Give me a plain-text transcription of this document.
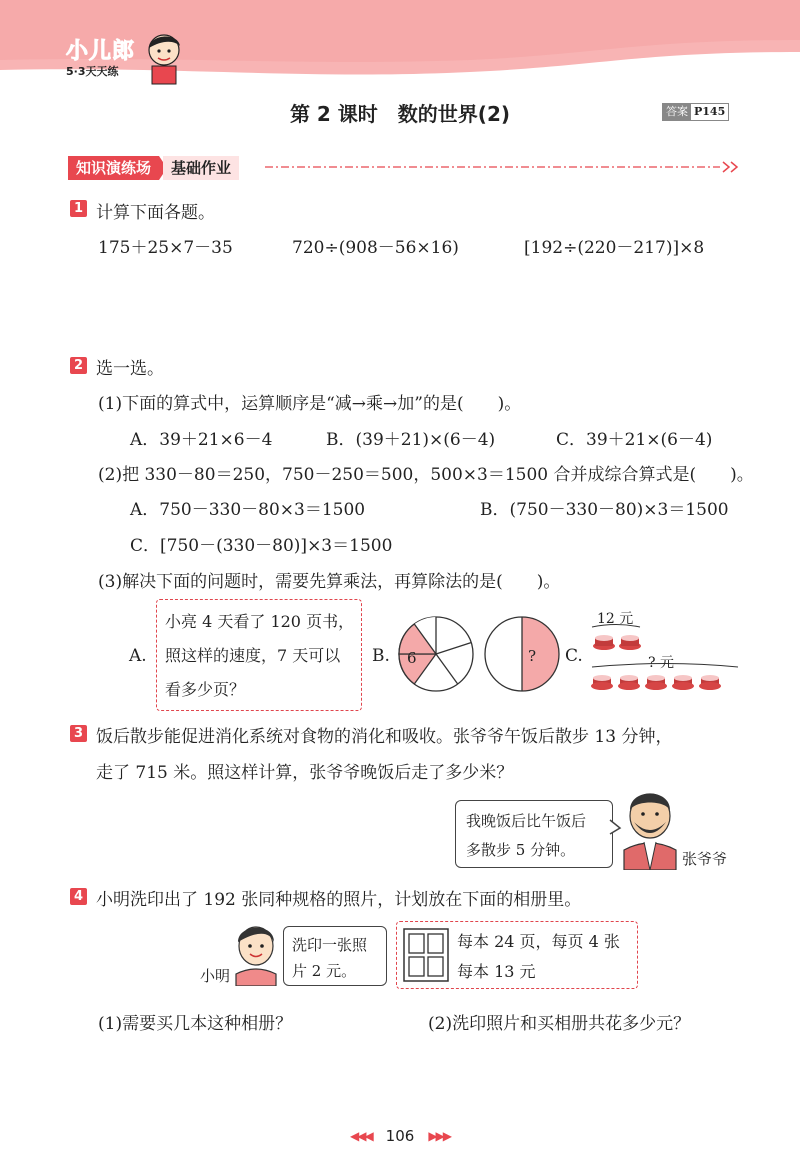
小儿郎
5·3天天练
第 2 课时　数的世界(2)	答案 P145
知识演练场	基础作业
1 计算下面各题。
175＋25×7－35	720÷(908－56×16)	[192÷(220－217)]×8
2 选一选。
(1)下面的算式中，运算顺序是“减→乘→加”的是(　　)。
A．39＋21×6－4	B．(39＋21)×(6－4)	C．39＋21×(6－4)
(2)把 330－80＝250，750－250＝500，500×3＝1500 合并成综合算式是(　　)。
A．750－330－80×3＝1500	B．(750－330－80)×3＝1500
C．[750－(330－80)]×3＝1500
(3)解决下面的问题时，需要先算乘法，再算除法的是(　　)。
A.
小亮 4 天看了 120 页书，
照这样的速度，7 天可以
看多少页？
B. 6	? C.
12 元
? 元
3 饭后散步能促进消化系统对食物的消化和吸收。张爷爷午饭后散步 13 分钟，
走了 715 米。照这样计算，张爷爷晚饭后走了多少米？
我晚饭后比午饭后
多散步 5 分钟。	张爷爷
4 小明洗印出了 192 张同种规格的照片，计划放在下面的相册里。
小明
洗印一张照
片 2 元。
每本 24 页，每页 4 张
每本 13 元
(1)需要买几本这种相册？	(2)洗印照片和买相册共花多少元？
◀◀◀ 106 ▶▶▶
